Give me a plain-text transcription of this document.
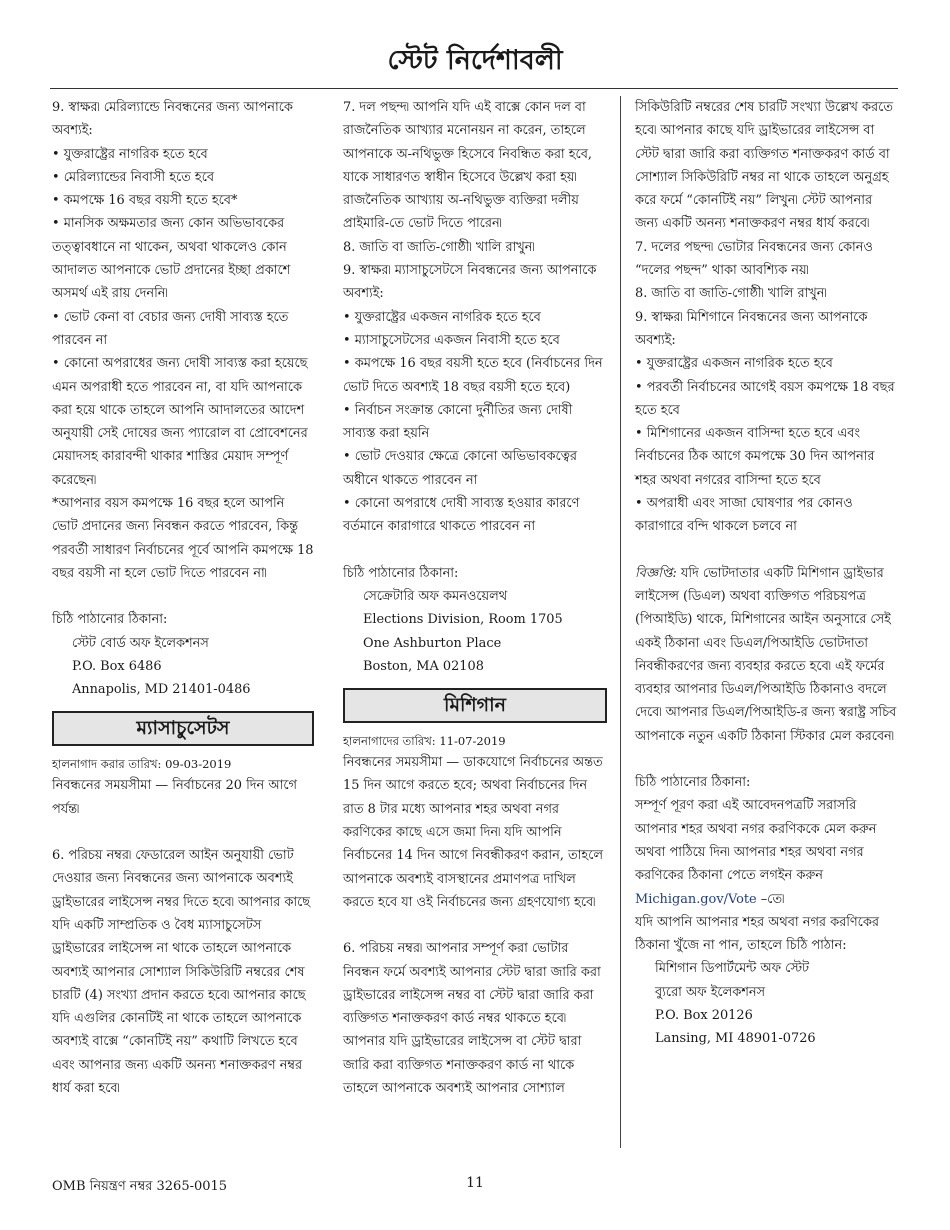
স্টেট নির্দেশাবলী

9. স্বাক্ষর৷ মেরিল্যান্ডে নিবন্ধনের জন্য আপনাকে অবশ্যই:

• যুক্তরাষ্ট্রের নাগরিক হতে হবে
• মেরিল্যান্ডের নিবাসী হতে হবে
• কমপক্ষে 16 বছর বয়সী হতে হবে*
• মানসিক অক্ষমতার জন্য কোন অভিভাবকের তত্ত্বাবধানে না থাকেন, অথবা থাকলেও কোন আদালত আপনাকে ভোট প্রদানের ইচ্ছা প্রকাশে অসমর্থ এই রায় দেননি৷
• ভোট কেনা বা বেচার জন্য দোষী সাব্যস্ত হতে পারবেন না
• কোনো অপরাধের জন্য দোষী সাব্যস্ত করা হয়েছে এমন অপরাধী হতে পারবেন না, বা যদি আপনাকে করা হয়ে থাকে তাহলে আপনি আদালতের আদেশ অনুযায়ী সেই দোষের জন্য প্যারোল বা প্রোবেশনের মেয়াদসহ কারাবন্দী থাকার শাস্তির মেয়াদ সম্পূর্ণ করেছেন৷

*আপনার বয়স কমপক্ষে 16 বছর হলে আপনি ভোট প্রদানের জন্য নিবন্ধন করতে পারবেন, কিন্তু পরবর্তী সাধারণ নির্বাচনের পূর্বে আপনি কমপক্ষে 18 বছর বয়সী না হলে ভোট দিতে পারবেন না৷

চিঠি পাঠানোর ঠিকানা:

স্টেট বোর্ড অফ ইলেকশনস
P.O. Box 6486
Annapolis, MD 21401-0486

ম্যাসাচুসেটস

হালনাগাদ করার তারিখ: 09-03-2019

নিবন্ধনের সময়সীমা — নির্বাচনের 20 দিন আগে পর্যন্ত৷

6. পরিচয় নম্বর৷ ফেডারেল আইন অনুযায়ী ভোট দেওয়ার জন্য নিবন্ধনের জন্য আপনাকে অবশ্যই ড্রাইভারের লাইসেন্স নম্বর দিতে হবে৷ আপনার কাছে যদি একটি সাম্প্রতিক ও বৈধ ম্যাসাচুসেটস ড্রাইভারের লাইসেন্স না থাকে তাহলে আপনাকে অবশ্যই আপনার সোশ্যাল সিকিউরিটি নম্বরের শেষ চারটি (4) সংখ্যা প্রদান করতে হবে৷ আপনার কাছে যদি এগুলির কোনটিই না থাকে তাহলে আপনাকে অবশ্যই বাক্সে “কোনটিই নয়” কথাটি লিখতে হবে এবং আপনার জন্য একটি অনন্য শনাক্তকরণ নম্বর ধার্য করা হবে৷

7. দল পছন্দ৷ আপনি যদি এই বাক্সে কোন দল বা রাজনৈতিক আখ্যার মনোনয়ন না করেন, তাহলে আপনাকে অ-নথিভুক্ত হিসেবে নিবন্ধিত করা হবে, যাকে সাধারণত স্বাধীন হিসেবে উল্লেখ করা হয়৷ রাজনৈতিক আখ্যায় অ-নথিভুক্ত ব্যক্তিরা দলীয় প্রাইমারি-তে ভোট দিতে পারেন৷

8. জাতি বা জাতি-গোষ্ঠী৷ খালি রাখুন৷

9. স্বাক্ষর৷ ম্যাসাচুসেটসে নিবন্ধনের জন্য আপনাকে অবশ্যই:

• যুক্তরাষ্ট্রের একজন নাগরিক হতে হবে
• ম্যাসাচুসেটসের একজন নিবাসী হতে হবে
• কমপক্ষে 16 বছর বয়সী হতে হবে (নির্বাচনের দিন ভোট দিতে অবশ্যই 18 বছর বয়সী হতে হবে)
• নির্বাচন সংক্রান্ত কোনো দুর্নীতির জন্য দোষী সাব্যস্ত করা হয়নি
• ভোট দেওয়ার ক্ষেত্রে কোনো অভিভাবকত্বের অধীনে থাকতে পারবেন না
• কোনো অপরাধে দোষী সাব্যস্ত হওয়ার কারণে বর্তমানে কারাগারে থাকতে পারবেন না

চিঠি পাঠানোর ঠিকানা:

সেক্রেটারি অফ কমনওয়েলথ
Elections Division, Room 1705
One Ashburton Place
Boston, MA 02108

মিশিগান

হালনাগাদের তারিখ: 11-07-2019

নিবন্ধনের সময়সীমা — ডাকযোগে নির্বাচনের অন্তত 15 দিন আগে করতে হবে; অথবা নির্বাচনের দিন রাত 8 টার মধ্যে আপনার শহর অথবা নগর করণিকের কাছে এসে জমা দিন৷ যদি আপনি নির্বাচনের 14 দিন আগে নিবন্ধীকরণ করান, তাহলে আপনাকে অবশ্যই বাসস্থানের প্রমাণপত্র দাখিল করতে হবে যা ওই নির্বাচনের জন্য গ্রহণযোগ্য হবে৷

6. পরিচয় নম্বর৷ আপনার সম্পূর্ণ করা ভোটার নিবন্ধন ফর্মে অবশ্যই আপনার স্টেট দ্বারা জারি করা ড্রাইভারের লাইসেন্স নম্বর বা স্টেট দ্বারা জারি করা ব্যক্তিগত শনাক্তকরণ কার্ড নম্বর থাকতে হবে৷ আপনার যদি ড্রাইভারের লাইসেন্স বা স্টেট দ্বারা জারি করা ব্যক্তিগত শনাক্তকরণ কার্ড না থাকে তাহলে আপনাকে অবশ্যই আপনার সোশ্যাল

সিকিউরিটি নম্বরের শেষ চারটি সংখ্যা উল্লেখ করতে হবে৷ আপনার কাছে যদি ড্রাইভারের লাইসেন্স বা স্টেট দ্বারা জারি করা ব্যক্তিগত শনাক্তকরণ কার্ড বা সোশ্যাল সিকিউরিটি নম্বর না থাকে তাহলে অনুগ্রহ করে ফর্মে “কোনটিই নয়” লিখুন৷ স্টেট আপনার জন্য একটি অনন্য শনাক্তকরণ নম্বর ধার্য করবে৷

7. দলের পছন্দ৷ ভোটার নিবন্ধনের জন্য কোনও “দলের পছন্দ” থাকা আবশ্যিক নয়৷

8. জাতি বা জাতি-গোষ্ঠী৷ খালি রাখুন৷

9. স্বাক্ষর৷ মিশিগানে নিবন্ধনের জন্য আপনাকে অবশ্যই:

• যুক্তরাষ্ট্রের একজন নাগরিক হতে হবে
• পরবর্তী নির্বাচনের আগেই বয়স কমপক্ষে 18 বছর হতে হবে
• মিশিগানের একজন বাসিন্দা হতে হবে এবং নির্বাচনের ঠিক আগে কমপক্ষে 30 দিন আপনার শহর অথবা নগরের বাসিন্দা হতে হবে
• অপরাধী এবং সাজা ঘোষণার পর কোনও কারাগারে বন্দি থাকলে চলবে না

বিজ্ঞপ্তি: যদি ভোটদাতার একটি মিশিগান ড্রাইভার লাইসেন্স (ডিএল) অথবা ব্যক্তিগত পরিচয়পত্র (পিআইডি) থাকে, মিশিগানের আইন অনুসারে সেই একই ঠিকানা এবং ডিএল/পিআইডি ভোটদাতা নিবন্ধীকরণের জন্য ব্যবহার করতে হবে৷ এই ফর্মের ব্যবহার আপনার ডিএল/পিআইডি ঠিকানাও বদলে দেবে৷ আপনার ডিএল/পিআইডি-র জন্য স্বরাষ্ট্র সচিব আপনাকে নতুন একটি ঠিকানা স্টিকার মেল করবেন৷

চিঠি পাঠানোর ঠিকানা:

সম্পূর্ণ পূরণ করা এই আবেদনপত্রটি সরাসরি আপনার শহর অথবা নগর করণিককে মেল করুন অথবা পাঠিয়ে দিন৷ আপনার শহর অথবা নগর করণিকের ঠিকানা পেতে লগইন করুন
Michigan.gov/Vote –তে৷
যদি আপনি আপনার শহর অথবা নগর করণিকের ঠিকানা খুঁজে না পান, তাহলে চিঠি পাঠান:

মিশিগান ডিপার্টমেন্ট অফ স্টেট
ব্যুরো অফ ইলেকশনস
P.O. Box 20126
Lansing, MI 48901-0726

OMB নিয়ন্ত্রণ নম্বর 3265-0015	11
